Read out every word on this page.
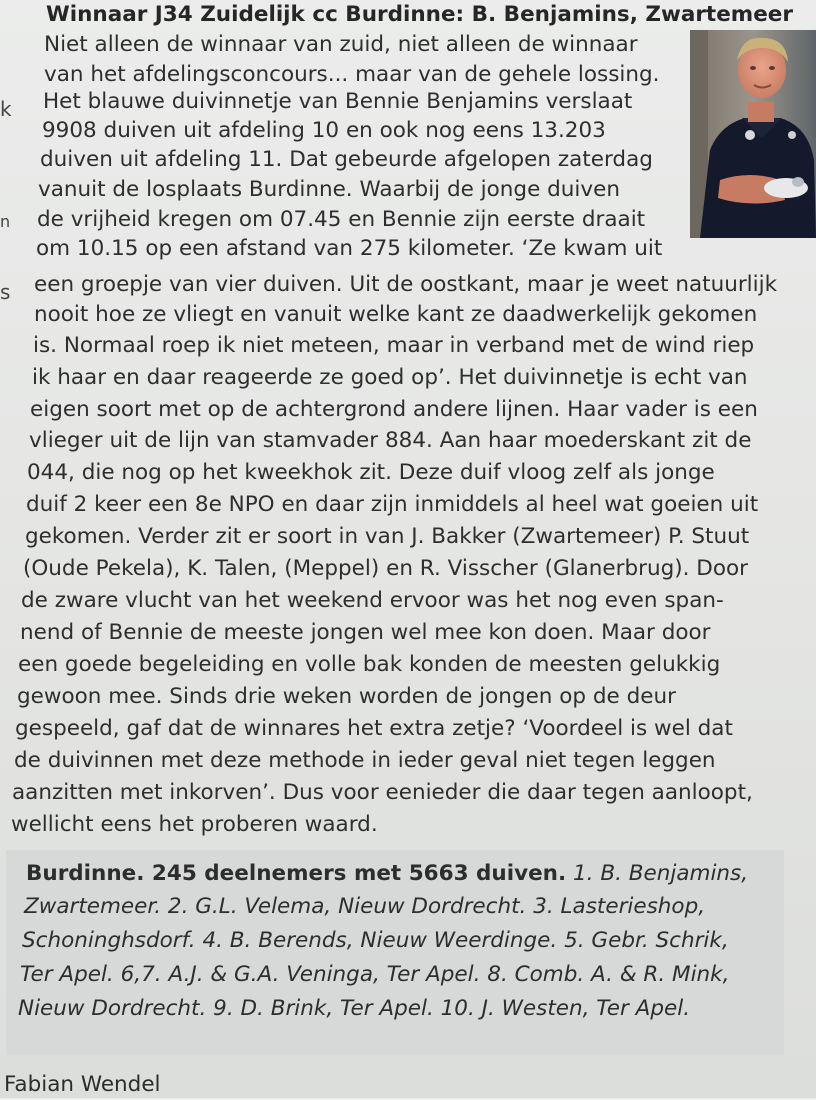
Winnaar J34 Zuidelijk cc Burdinne: B. Benjamins, Zwartemeer
k
n
s
Niet alleen de winnaar van zuid, niet alleen de winnaar
van het afdelingsconcours... maar van de gehele lossing.
Het blauwe duivinnetje van Bennie Benjamins verslaat
9908 duiven uit afdeling 10 en ook nog eens 13.203
duiven uit afdeling 11. Dat gebeurde afgelopen zaterdag
vanuit de losplaats Burdinne. Waarbij de jonge duiven
de vrijheid kregen om 07.45 en Bennie zijn eerste draait
om 10.15 op een afstand van 275 kilometer. ‘Ze kwam uit
een groepje van vier duiven. Uit de oostkant, maar je weet natuurlijk
nooit hoe ze vliegt en vanuit welke kant ze daadwerkelijk gekomen
is. Normaal roep ik niet meteen, maar in verband met de wind riep
ik haar en daar reageerde ze goed op’. Het duivinnetje is echt van
eigen soort met op de achtergrond andere lijnen. Haar vader is een
vlieger uit de lijn van stamvader 884. Aan haar moederskant zit de
044, die nog op het kweekhok zit. Deze duif vloog zelf als jonge
duif 2 keer een 8e NPO en daar zijn inmiddels al heel wat goeien uit
gekomen. Verder zit er soort in van J. Bakker (Zwartemeer) P. Stuut
(Oude Pekela), K. Talen, (Meppel) en R. Visscher (Glanerbrug). Door
de zware vlucht van het weekend ervoor was het nog even span-
nend of Bennie de meeste jongen wel mee kon doen. Maar door
een goede begeleiding en volle bak konden de meesten gelukkig
gewoon mee. Sinds drie weken worden de jongen op de deur
gespeeld, gaf dat de winnares het extra zetje? ‘Voordeel is wel dat
de duivinnen met deze methode in ieder geval niet tegen leggen
aanzitten met inkorven’. Dus voor eenieder die daar tegen aanloopt,
wellicht eens het proberen waard.
Burdinne. 245 deelnemers met 5663 duiven. 1. B. Benjamins,
Zwartemeer. 2. G.L. Velema, Nieuw Dordrecht. 3. Lasterieshop,
Schoninghsdorf. 4. B. Berends, Nieuw Weerdinge. 5. Gebr. Schrik,
Ter Apel. 6,7. A.J. & G.A. Veninga, Ter Apel. 8. Comb. A. & R. Mink,
Nieuw Dordrecht. 9. D. Brink, Ter Apel. 10. J. Westen, Ter Apel.
Fabian Wendel
